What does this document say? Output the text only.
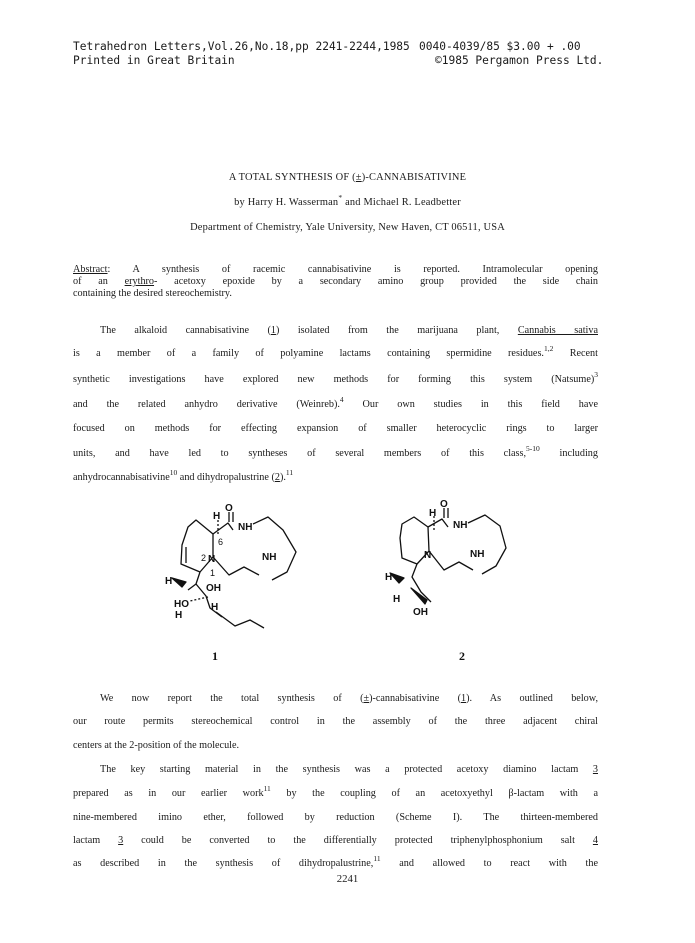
Tetrahedron Letters,Vol.26,No.18,pp 2241-2244,1985
Printed in Great Britain
0040-4039/85 $3.00 + .00
©1985 Pergamon Press Ltd.
A TOTAL SYNTHESIS OF (±)-CANNABISATIVINE
by Harry H. Wasserman* and Michael R. Leadbetter
Department of Chemistry, Yale University, New Haven, CT 06511, USA
Abstract: A synthesis of racemic cannabisativine is reported. Intramolecular opening
of an erythro- acetoxy epoxide by a secondary amino group provided the side chain
containing the desired stereochemistry.
The alkaloid cannabisativine (1) isolated from the marijuana plant, Cannabis sativa
is a member of a family of polyamine lactams containing spermidine residues.$^{1,2}$ Recent
synthetic investigations have explored new methods for forming this system (Natsume)$^3$
and the related anhydro derivative (Weinreb).$^4$ Our own studies in this field have
focused on methods for effecting expansion of smaller heterocyclic rings to larger
units, and have led to syntheses of several members of this class,$^{5-10}$ including
anhydrocannabisativine$^{10}$ and dihydropalustrine (2).$^{11}$
H
O
NH
NH
N
H
OH
HO H
H
H
O
NH
NH
N
H
H
OH
6
2
1
1	2
We now report the total synthesis of (±)-cannabisativine (1). As outlined below,
our route permits stereochemical control in the assembly of the three adjacent chiral
centers at the 2-position of the molecule.
The key starting material in the synthesis was a protected acetoxy diamino lactam 3
prepared as in our earlier work$^{11}$ by the coupling of an acetoxyethyl β-lactam with a
nine-membered imino ether, followed by reduction (Scheme I). The thirteen-membered
lactam 3 could be converted to the differentially protected triphenylphosphonium salt 4
as described in the synthesis of dihydropalustrine,$^{11}$ and allowed to react with the
2241
